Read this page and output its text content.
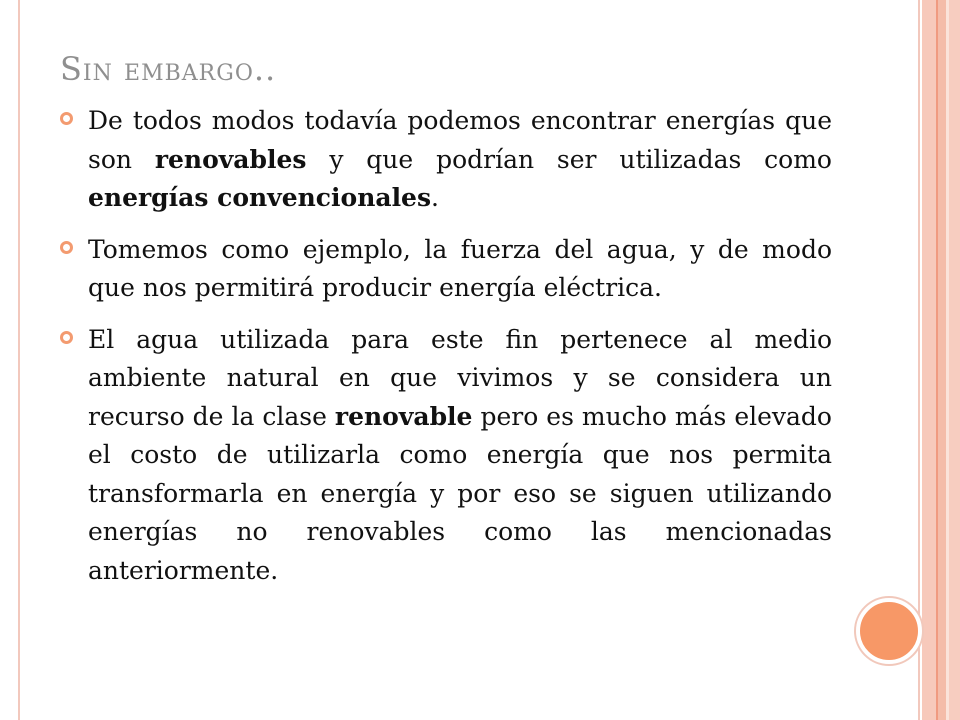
Sin embargo..
De todos modos todavía podemos encontrar energías que son renovables y que podrían ser utilizadas como energías convencionales.
Tomemos como ejemplo, la fuerza del agua, y de modo que nos permitirá producir energía eléctrica.
El agua utilizada para este fin pertenece al medio ambiente natural en que vivimos y se considera un recurso de la clase renovable pero es mucho más elevado el costo de utilizarla como energía que nos permita transformarla en energía y por eso se siguen utilizando energías no renovables como las mencionadas anteriormente.
